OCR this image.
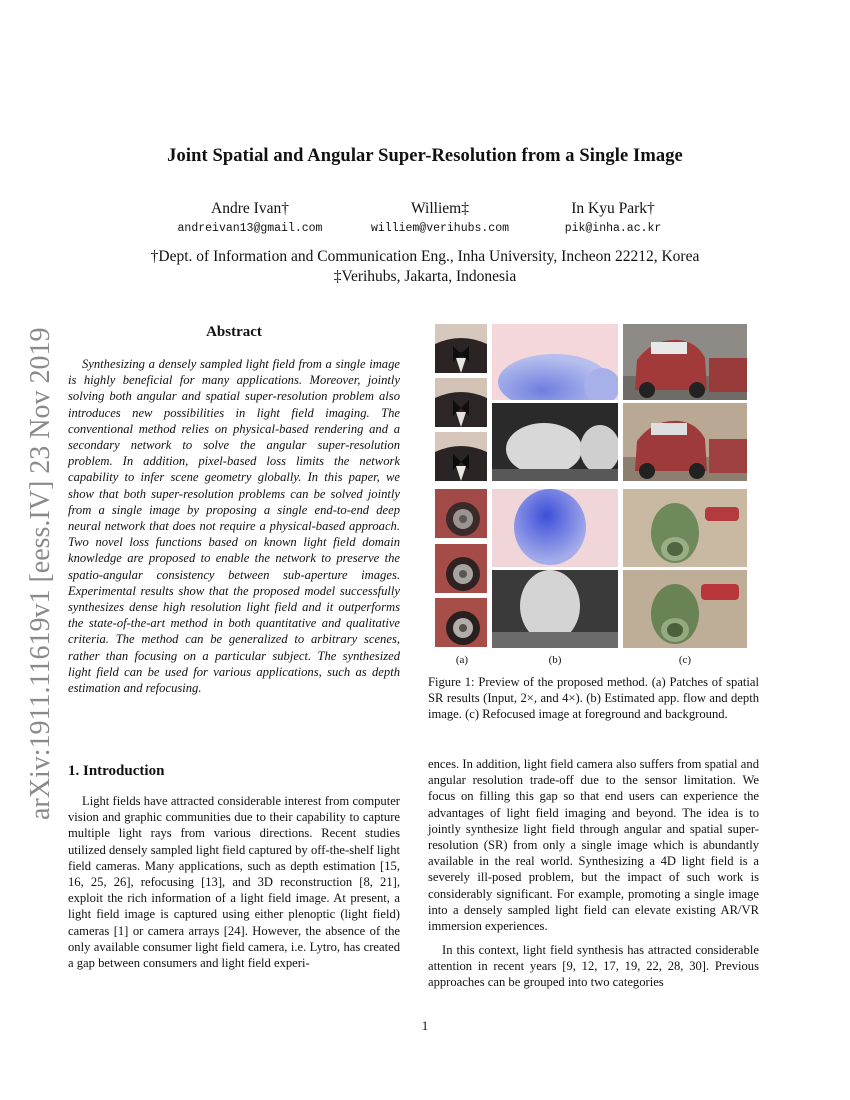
arXiv:1911.11619v1 [eess.IV] 23 Nov 2019
Joint Spatial and Angular Super-Resolution from a Single Image
Andre Ivan†
andreivan13@gmail.com
Williem‡
williem@verihubs.com
In Kyu Park†
pik@inha.ac.kr
†Dept. of Information and Communication Eng., Inha University, Incheon 22212, Korea
‡Verihubs, Jakarta, Indonesia
Abstract
Synthesizing a densely sampled light field from a single image is highly beneficial for many applications. Moreover, jointly solving both angular and spatial super-resolution problem also introduces new possibilities in light field imaging. The conventional method relies on physical-based rendering and a secondary network to solve the angular super-resolution problem. In addition, pixel-based loss limits the network capability to infer scene geometry globally. In this paper, we show that both super-resolution problems can be solved jointly from a single image by proposing a single end-to-end deep neural network that does not require a physical-based approach. Two novel loss functions based on known light field domain knowledge are proposed to enable the network to preserve the spatio-angular consistency between sub-aperture images. Experimental results show that the proposed model successfully synthesizes dense high resolution light field and it outperforms the state-of-the-art method in both quantitative and qualitative criteria. The method can be generalized to arbitrary scenes, rather than focusing on a particular subject. The synthesized light field can be used for various applications, such as depth estimation and refocusing.
1. Introduction
Light fields have attracted considerable interest from computer vision and graphic communities due to their capability to capture multiple light rays from various directions. Recent studies utilized densely sampled light field captured by off-the-shelf light field cameras. Many applications, such as depth estimation [15, 16, 25, 26], refocusing [13], and 3D reconstruction [8, 21], exploit the rich information of a light field image. At present, a light field image is captured using either plenoptic (light field) cameras [1] or camera arrays [24]. However, the absence of the only available consumer light field camera, i.e. Lytro, has created a gap between consumers and light field experi-
ences. In addition, light field camera also suffers from spatial and angular resolution trade-off due to the sensor limitation. We focus on filling this gap so that end users can experience the advantages of light field imaging and beyond. The idea is to jointly synthesize light field through angular and spatial super-resolution (SR) from only a single image which is abundantly available in the real world. Synthesizing a 4D light field is a severely ill-posed problem, but the impact of such work is considerably significant. For example, promoting a single image into a densely sampled light field can elevate existing AR/VR immersion experiences.
In this context, light field synthesis has attracted considerable attention in recent years [9, 12, 17, 19, 22, 28, 30]. Previous approaches can be grouped into two categories
(a)	(b)	(c)
Figure 1: Preview of the proposed method. (a) Patches of spatial SR results (Input, 2×, and 4×). (b) Estimated app. flow and depth image. (c) Refocused image at foreground and background.
1
